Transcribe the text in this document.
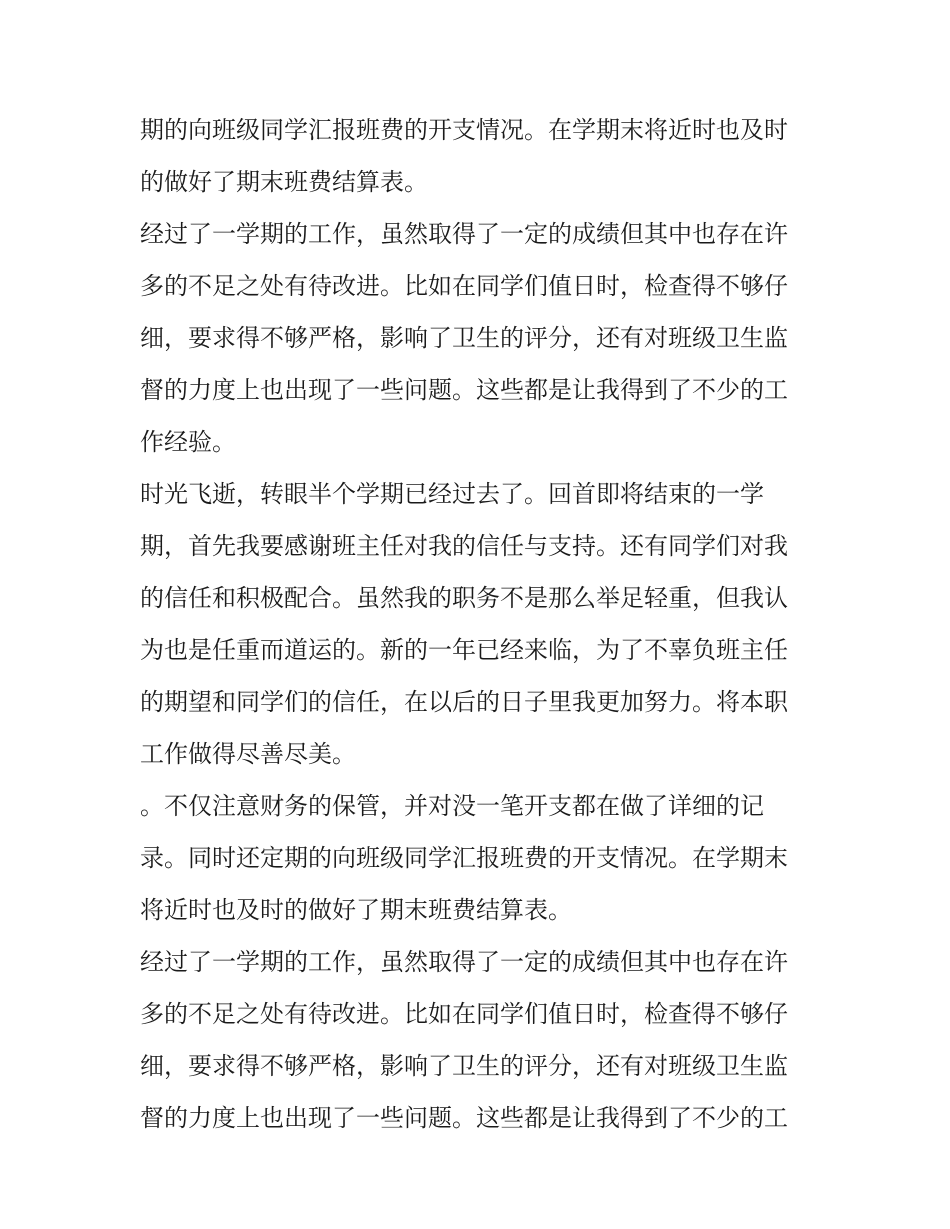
期的向班级同学汇报班费的开支情况。在学期末将近时也及时
的做好了期末班费结算表。
经过了一学期的工作，虽然取得了一定的成绩但其中也存在许
多的不足之处有待改进。比如在同学们值日时，检查得不够仔
细，要求得不够严格，影响了卫生的评分，还有对班级卫生监
督的力度上也出现了一些问题。这些都是让我得到了不少的工
作经验。
时光飞逝，转眼半个学期已经过去了。回首即将结束的一学
期，首先我要感谢班主任对我的信任与支持。还有同学们对我
的信任和积极配合。虽然我的职务不是那么举足轻重，但我认
为也是任重而道运的。新的一年已经来临，为了不辜负班主任
的期望和同学们的信任，在以后的日子里我更加努力。将本职
工作做得尽善尽美。
。不仅注意财务的保管，并对没一笔开支都在做了详细的记
录。同时还定期的向班级同学汇报班费的开支情况。在学期末
将近时也及时的做好了期末班费结算表。
经过了一学期的工作，虽然取得了一定的成绩但其中也存在许
多的不足之处有待改进。比如在同学们值日时，检查得不够仔
细，要求得不够严格，影响了卫生的评分，还有对班级卫生监
督的力度上也出现了一些问题。这些都是让我得到了不少的工
